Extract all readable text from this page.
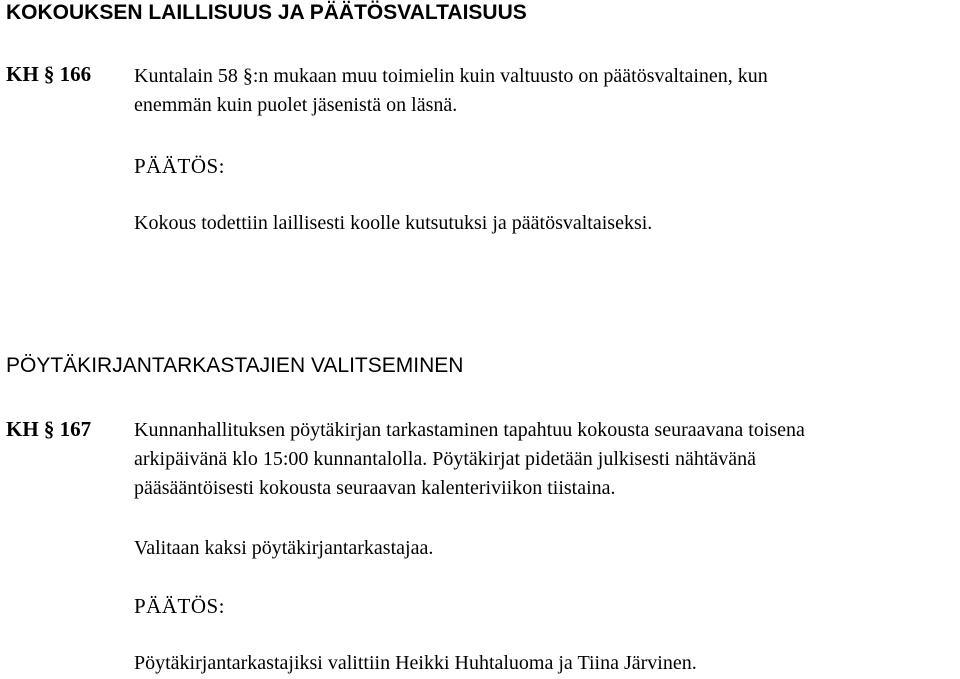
KOKOUKSEN LAILLISUUS JA PÄÄTÖSVALTAISUUS
KH § 166 Kuntalain 58 §:n mukaan muu toimielin kuin valtuusto on päätösvaltainen, kun
enemmän kuin puolet jäsenistä on läsnä.
PÄÄTÖS:
Kokous todettiin laillisesti koolle kutsutuksi ja päätösvaltaiseksi.
PÖYTÄKIRJANTARKASTAJIEN VALITSEMINEN
KH § 167 Kunnanhallituksen pöytäkirjan tarkastaminen tapahtuu kokousta seuraavana toisena
arkipäivänä klo 15:00 kunnantalolla. Pöytäkirjat pidetään julkisesti nähtävänä
pääsääntöisesti kokousta seuraavan kalenteriviikon tiistaina.
Valitaan kaksi pöytäkirjantarkastajaa.
PÄÄTÖS:
Pöytäkirjantarkastajiksi valittiin Heikki Huhtaluoma ja Tiina Järvinen.
